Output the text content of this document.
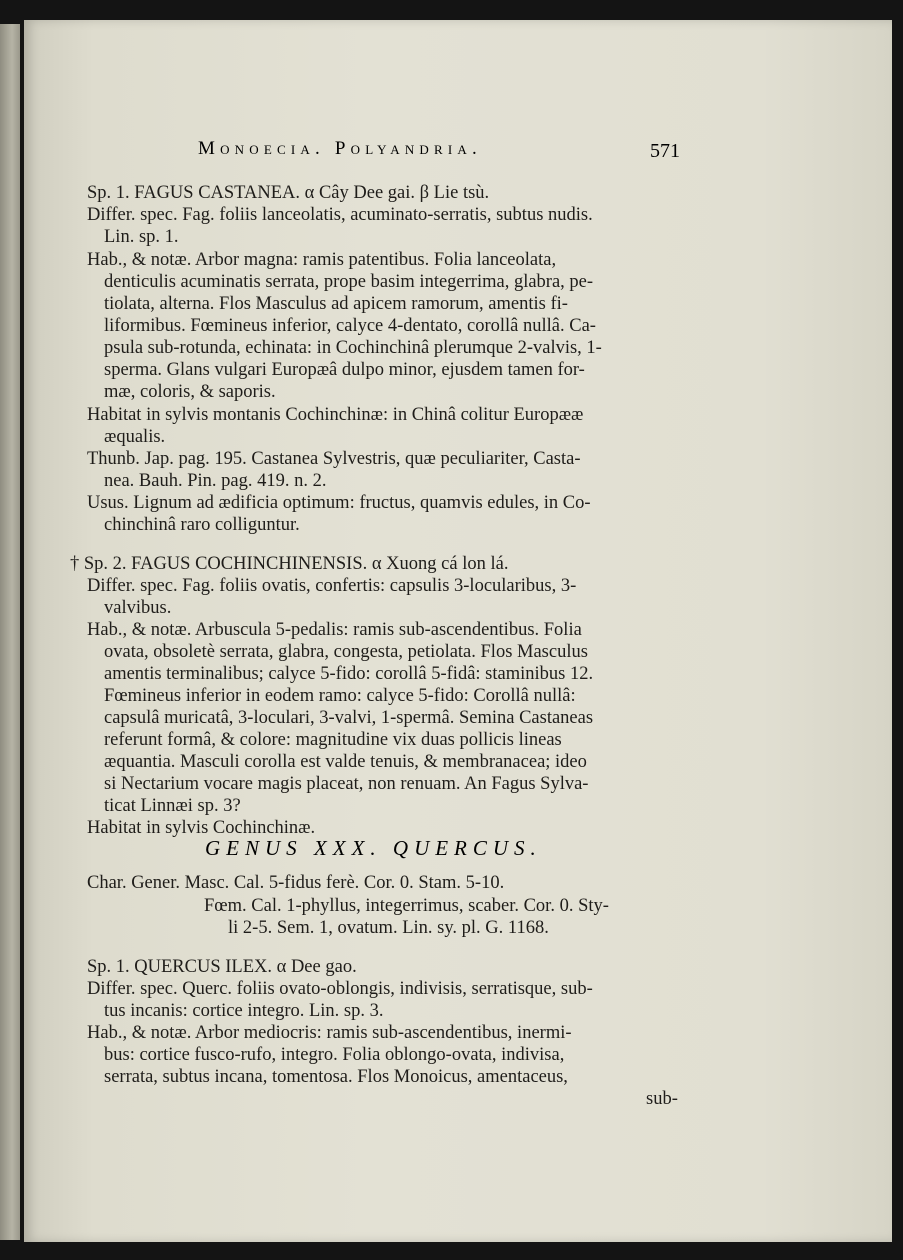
Monoecia. Polyandria.	571
Sp. 1. FAGUS CASTANEA. α Cây Dee gai. β Lie tsù.
Differ. spec. Fag. foliis lanceolatis, acuminato-serratis, subtus nudis.
Lin. sp. 1.
Hab., & notæ. Arbor magna: ramis patentibus. Folia lanceolata,
denticulis acuminatis serrata, prope basim integerrima, glabra, pe-
tiolata, alterna. Flos Masculus ad apicem ramorum, amentis fi-
liformibus. Fœmineus inferior, calyce 4-dentato, corollâ nullâ. Ca-
psula sub-rotunda, echinata: in Cochinchinâ plerumque 2-valvis, 1-
sperma. Glans vulgari Europæâ dulpo minor, ejusdem tamen for-
mæ, coloris, & saporis.
Habitat in sylvis montanis Cochinchinæ: in Chinâ colitur Europææ
æqualis.
Thunb. Jap. pag. 195. Castanea Sylvestris, quæ peculiariter, Casta-
nea. Bauh. Pin. pag. 419. n. 2.
Usus. Lignum ad ædificia optimum: fructus, quamvis edules, in Co-
chinchinâ raro colliguntur.
† Sp. 2. FAGUS COCHINCHINENSIS. α Xuong cá lon lá.
Differ. spec. Fag. foliis ovatis, confertis: capsulis 3-locularibus, 3-
valvibus.
Hab., & notæ. Arbuscula 5-pedalis: ramis sub-ascendentibus. Folia
ovata, obsoletè serrata, glabra, congesta, petiolata. Flos Masculus
amentis terminalibus; calyce 5-fido: corollâ 5-fidâ: staminibus 12.
Fœmineus inferior in eodem ramo: calyce 5-fido: Corollâ nullâ:
capsulâ muricatâ, 3-loculari, 3-valvi, 1-spermâ. Semina Castaneas
referunt formâ, & colore: magnitudine vix duas pollicis lineas
æquantia. Masculi corolla est valde tenuis, & membranacea; ideo
si Nectarium vocare magis placeat, non renuam. An Fagus Sylva-
ticat Linnæi sp. 3?
Habitat in sylvis Cochinchinæ.
GENUS XXX. QUERCUS.
Char. Gener. Masc. Cal. 5-fidus ferè. Cor. 0. Stam. 5-10.
Fœm. Cal. 1-phyllus, integerrimus, scaber. Cor. 0. Sty-
li 2-5. Sem. 1, ovatum. Lin. sy. pl. G. 1168.
Sp. 1. QUERCUS ILEX. α Dee gao.
Differ. spec. Querc. foliis ovato-oblongis, indivisis, serratisque, sub-
tus incanis: cortice integro. Lin. sp. 3.
Hab., & notæ. Arbor mediocris: ramis sub-ascendentibus, inermi-
bus: cortice fusco-rufo, integro. Folia oblongo-ovata, indivisa,
serrata, subtus incana, tomentosa. Flos Monoicus, amentaceus,
sub-
